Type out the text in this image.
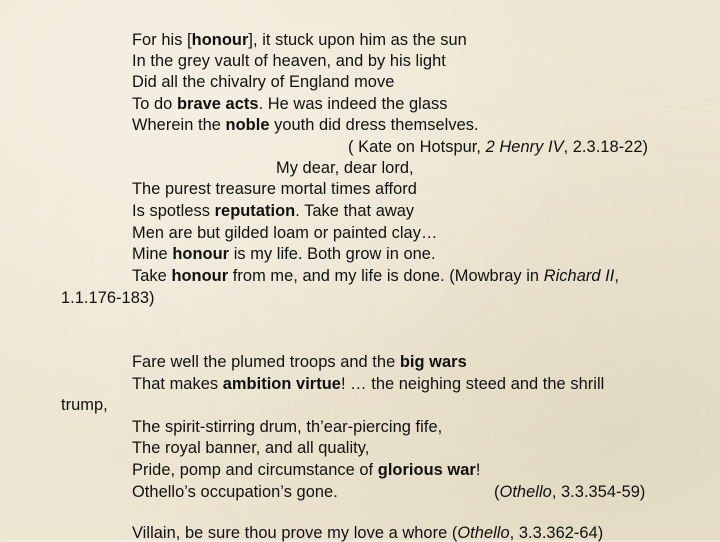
For his [honour], it stuck upon him as the sun
In the grey vault of heaven, and by his light
Did all the chivalry of England move
To do brave acts. He was indeed the glass
Wherein the noble youth did dress themselves.
( Kate on Hotspur, 2 Henry IV, 2.3.18-22)
My dear, dear lord,
The purest treasure mortal times afford
Is spotless reputation. Take that away
Men are but gilded loam or painted clay…
Mine honour is my life. Both grow in one.
Take honour from me, and my life is done. (Mowbray in Richard II,
1.1.176-183)
Fare well the plumed troops and the big wars
That makes ambition virtue! … the neighing steed and the shrill
trump,
The spirit-stirring drum, th’ear-piercing fife,
The royal banner, and all quality,
Pride, pomp and circumstance of glorious war!
Othello’s occupation’s gone.	(Othello, 3.3.354-59)
Villain, be sure thou prove my love a whore (Othello, 3.3.362-64)
